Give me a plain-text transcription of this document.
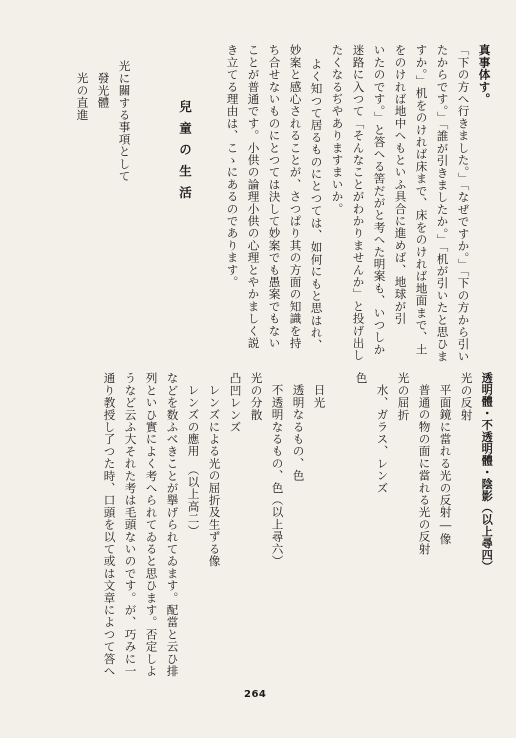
真事体す。
「下の方へ行きました。」「なぜですか。」「下の方から引い
たからです。」「誰が引きましたか。」「机が引いたと思ひま
すか。」机をのければ床まで、床をのければ地面まで、土
をのければ地中へもといふ具合に進めば、地球が引
いたのです。」と答へる筈だがと考へた明案も、いつしか
迷路に入つて「そんなことがわかりませんか」と投げ出し
たくなるぢやありますまいか。
よく知つて居るものにとつては、如何にもと思はれ、
妙案と感心されることが、さつぱり其の方面の知識を持
ち合せないものにとつては決して妙案でも愚案でもない
ことが普通です。小供の論理小供の心理とやかましく説
き立てる理由は、こゝにあるのであります。
兒童の生活
光に關する事項として
發光體
光の直進
透明體・不透明體・陰影（以上尋四）
光の反射
平面鏡に當れる光の反射―像
普通の物の面に當れる光の反射
光の屈折
水、ガラス、レンズ
色
日光
透明なるもの、色
不透明なるもの、色（以上尋六）
光の分散
凸凹レンズ
レンズによる光の屈折及生ずる像
レンズの應用　（以上高二）
などを数ふべきことが擧げられてゐます。配當と云ひ排
列といひ實によく考へられてゐると思ひます。否定しよ
うなど云ふ大それた考は毛頭ないのです。が、巧みに一
通り教授し了つた時、口頭を以て或は文章によつて答へ
264
